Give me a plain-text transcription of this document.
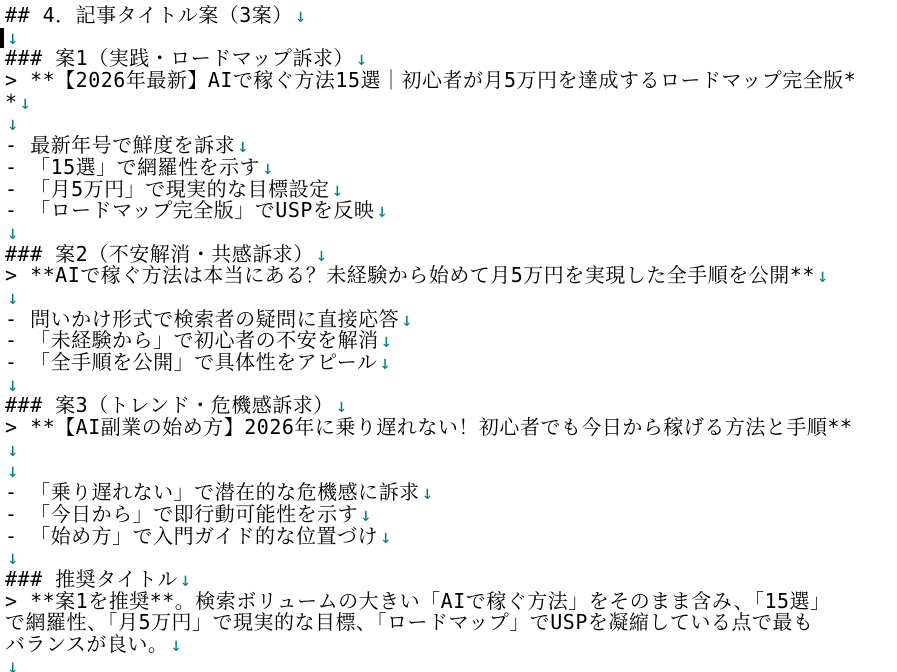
## 4．記事タイトル案（3案） ↓
↓
### 案1（実践・ロードマップ訴求） ↓
> **【2026年最新】AIで稼ぐ方法15選｜初心者が月5万円を達成するロードマップ完全版*
* ↓
↓
- 最新年号で鮮度を訴求 ↓
- 「15選」で網羅性を示す ↓
- 「月5万円」で現実的な目標設定 ↓
- 「ロードマップ完全版」でUSPを反映 ↓
↓
### 案2（不安解消・共感訴求） ↓
> **AIで稼ぐ方法は本当にある？未経験から始めて月5万円を実現した全手順を公開** ↓
↓
- 問いかけ形式で検索者の疑問に直接応答 ↓
- 「未経験から」で初心者の不安を解消 ↓
- 「全手順を公開」で具体性をアピール ↓
↓
### 案3（トレンド・危機感訴求） ↓
> **【AI副業の始め方】2026年に乗り遅れない！初心者でも今日から稼げる方法と手順**
↓
↓
- 「乗り遅れない」で潜在的な危機感に訴求 ↓
- 「今日から」で即行動可能性を示す ↓
- 「始め方」で入門ガイド的な位置づけ ↓
↓
### 推奨タイトル ↓
> **案1を推奨**。検索ボリュームの大きい「AIで稼ぐ方法」をそのまま含み、「15選」
で網羅性、「月5万円」で現実的な目標、「ロードマップ」でUSPを凝縮している点で最も
バランスが良い。 ↓
↓
